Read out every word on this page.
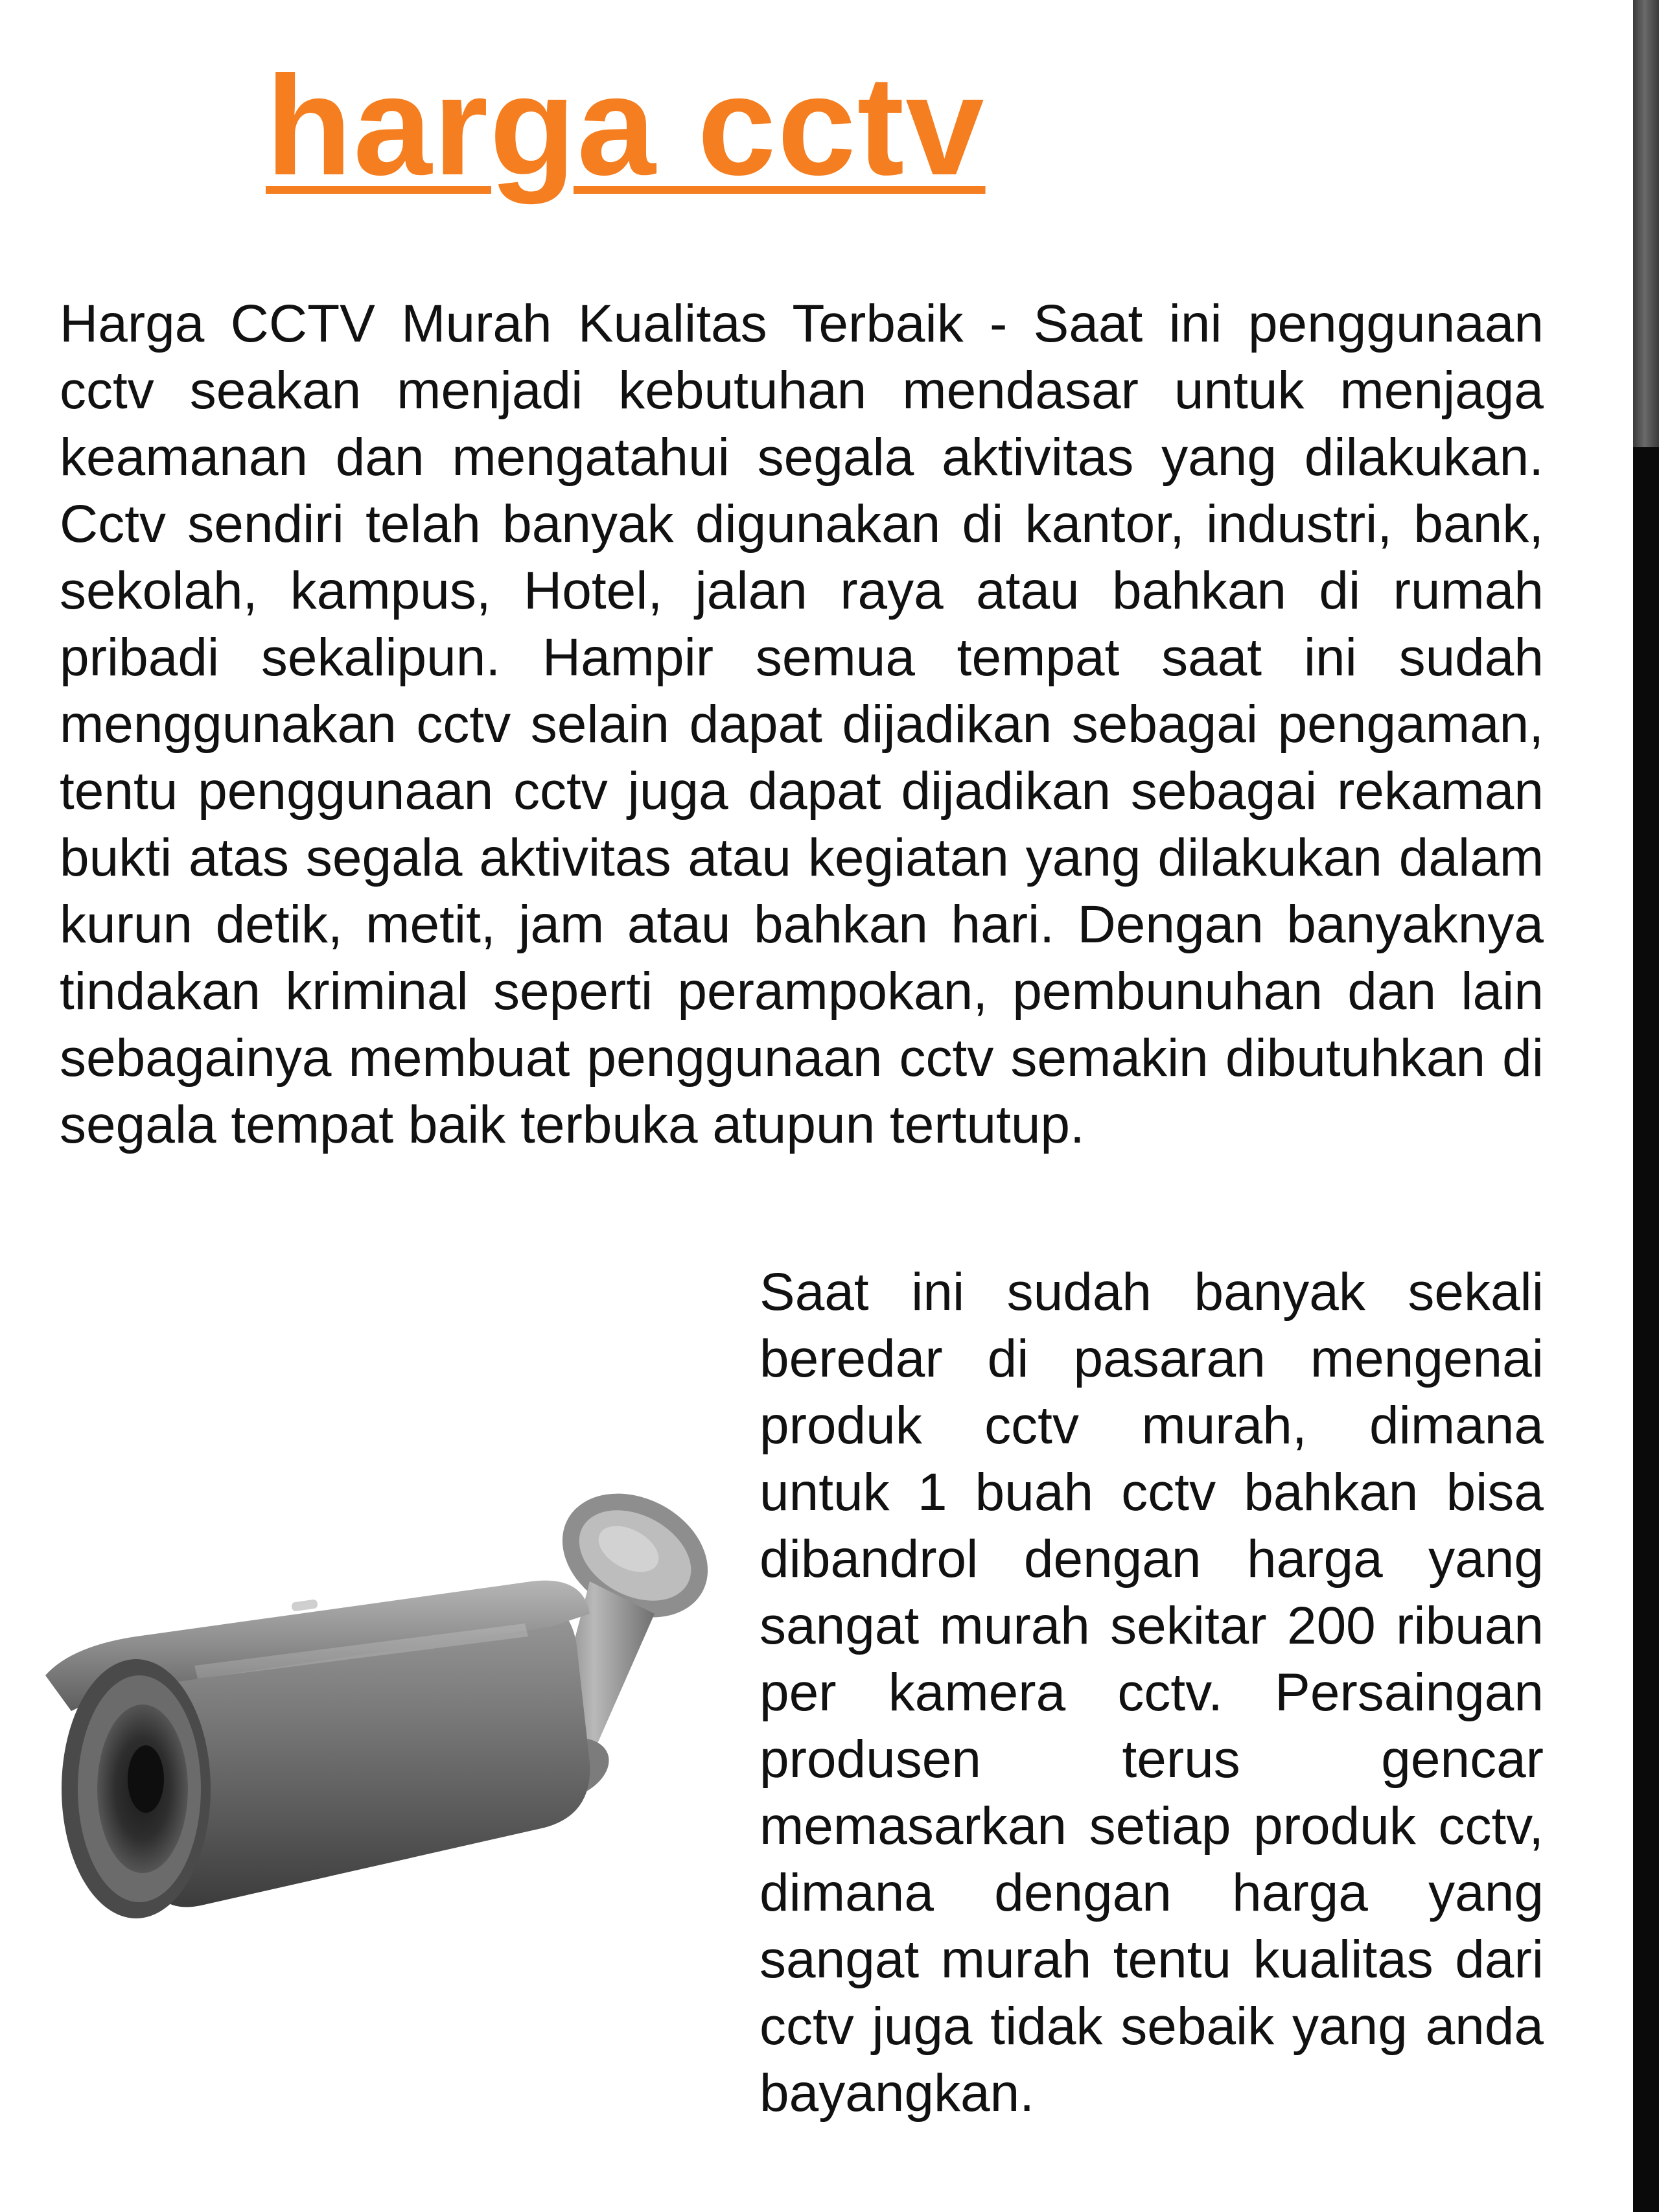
harga cctv

Harga CCTV Murah Kualitas Terbaik - Saat ini penggunaan cctv seakan menjadi kebutuhan mendasar untuk menjaga keamanan dan mengatahui segala aktivitas yang dilakukan. Cctv sendiri telah banyak digunakan di kantor, industri, bank, sekolah, kampus, Hotel, jalan raya atau bahkan di rumah pribadi sekalipun. Hampir semua tempat saat ini sudah menggunakan cctv selain dapat dijadikan sebagai pengaman, tentu penggunaan cctv juga dapat dijadikan sebagai rekaman bukti atas segala aktivitas atau kegiatan yang dilakukan dalam kurun detik, metit, jam atau bahkan hari. Dengan banyaknya tindakan kriminal seperti perampokan, pembunuhan dan lain sebagainya membuat penggunaan cctv semakin dibutuhkan di segala tempat baik terbuka atupun tertutup.

Saat ini sudah banyak sekali beredar di pasaran mengenai produk cctv murah, dimana untuk 1 buah cctv bahkan bisa dibandrol dengan harga yang sangat murah sekitar 200 ribuan per kamera cctv. Persaingan produsen terus gencar memasarkan setiap produk cctv, dimana dengan harga yang sangat murah tentu kualitas dari cctv juga tidak sebaik yang anda bayangkan.
